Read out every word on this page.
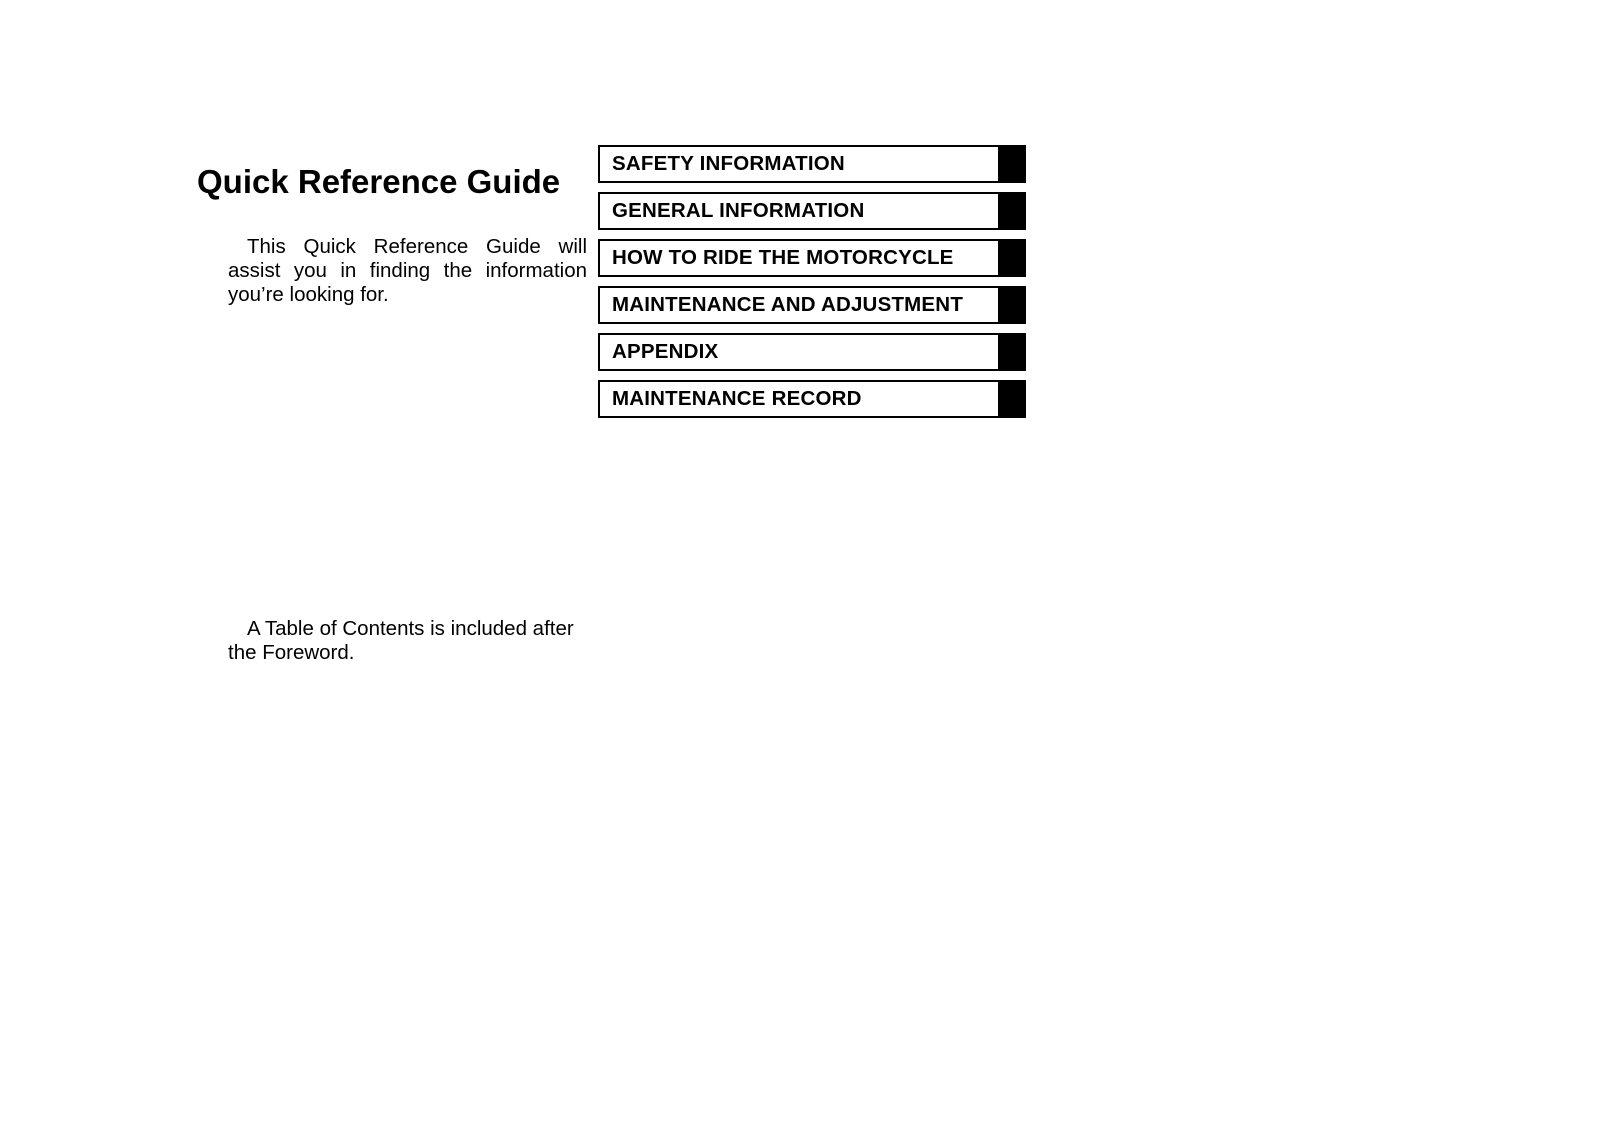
Quick Reference Guide

This Quick Reference Guide will assist you in finding the information you’re looking for.

A Table of Contents is included after the Foreword.

SAFETY INFORMATION
GENERAL INFORMATION
HOW TO RIDE THE MOTORCYCLE
MAINTENANCE AND ADJUSTMENT
APPENDIX
MAINTENANCE RECORD
